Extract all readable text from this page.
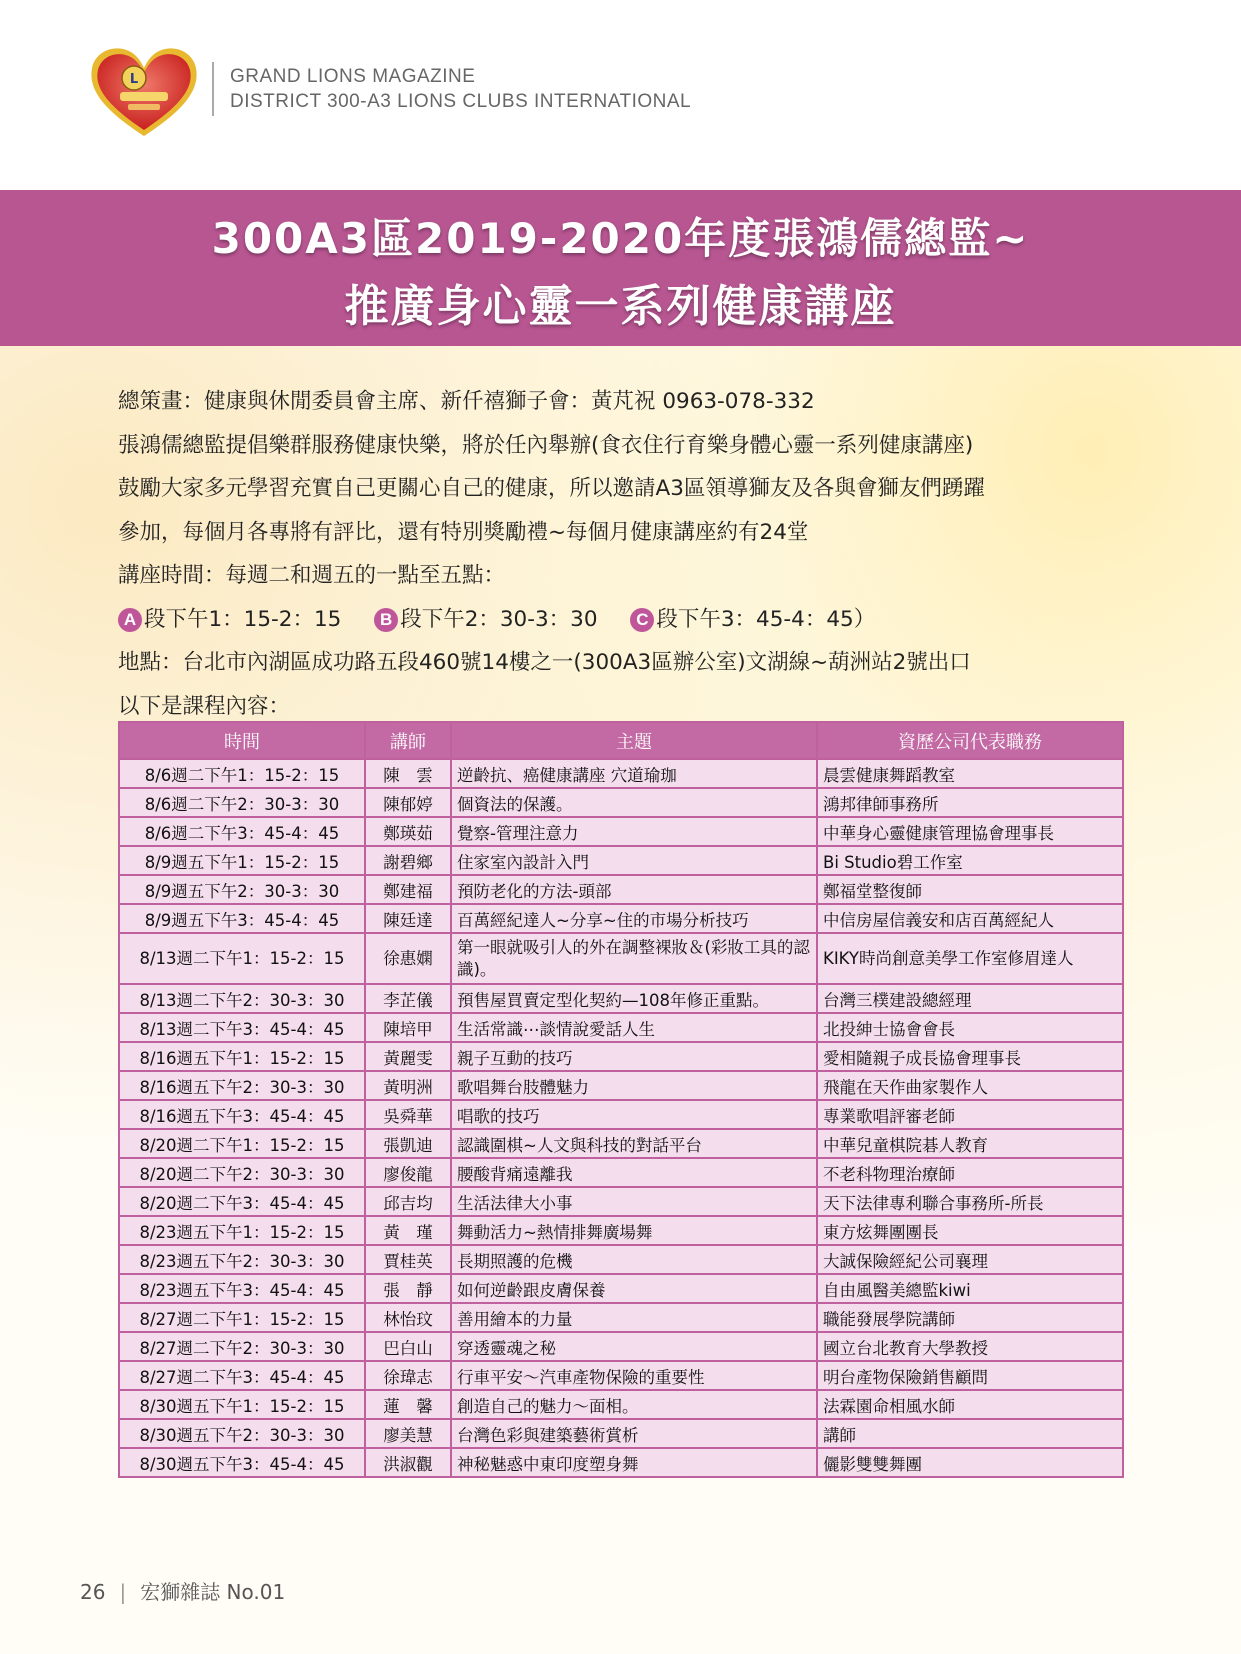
L	GRAND LIONS MAGAZINE
DISTRICT 300-A3 LIONS CLUBS INTERNATIONAL
300A3區2019-2020年度張鴻儒總監~
推廣身心靈一系列健康講座

總策畫：健康與休閒委員會主席、新仟禧獅子會：黃芃祝 0963-078-332

張鴻儒總監提倡樂群服務健康快樂，將於任內舉辦(食衣住行育樂身體心靈一系列健康講座)

鼓勵大家多元學習充實自己更關心自己的健康，所以邀請A3區領導獅友及各與會獅友們踴躍

參加，每個月各專將有評比，還有特別獎勵禮~每個月健康講座約有24堂

講座時間：每週二和週五的一點至五點：

A 段下午1：15-2：15 B 段下午2：30-3：30 C 段下午3：45-4：45）

地點：台北市內湖區成功路五段460號14樓之一(300A3區辦公室)文湖線~葫洲站2號出口

以下是課程內容：

時間	講師	主題	資歷公司代表職務
8/6週二下午1：15-2：15	陳　雲	逆齡抗、癌健康講座 穴道瑜珈	晨雲健康舞蹈教室
8/6週二下午2：30-3：30	陳郁婷	個資法的保護。	鴻邦律師事務所
8/6週二下午3：45-4：45	鄭瑛茹	覺察-管理注意力	中華身心靈健康管理協會理事長
8/9週五下午1：15-2：15	謝碧鄉	住家室內設計入門	Bi Studio碧工作室
8/9週五下午2：30-3：30	鄭建福	預防老化的方法-頭部	鄭福堂整復師
8/9週五下午3：45-4：45	陳廷達	百萬經紀達人~分享~住的市場分析技巧	中信房屋信義安和店百萬經紀人
8/13週二下午1：15-2：15	徐惠嫻	第一眼就吸引人的外在調整裸妝＆(彩妝工具的認識)。	KIKY時尚創意美學工作室修眉達人
8/13週二下午2：30-3：30	李芷儀	預售屋買賣定型化契約—108年修正重點。	台灣三樸建設總經理
8/13週二下午3：45-4：45	陳培甲	生活常識⋯談情說愛話人生	北投紳士協會會長
8/16週五下午1：15-2：15	黃麗雯	親子互動的技巧	愛相隨親子成長協會理事長
8/16週五下午2：30-3：30	黃明洲	歌唱舞台肢體魅力	飛龍在天作曲家製作人
8/16週五下午3：45-4：45	吳舜華	唱歌的技巧	專業歌唱評審老師
8/20週二下午1：15-2：15	張凱迪	認識圍棋~人文與科技的對話平台	中華兒童棋院碁人教育
8/20週二下午2：30-3：30	廖俊龍	腰酸背痛遠離我	不老科物理治療師
8/20週二下午3：45-4：45	邱吉均	生活法律大小事	天下法律專利聯合事務所-所長
8/23週五下午1：15-2：15	黃　瑾	舞動活力~熱情排舞廣場舞	東方炫舞團團長
8/23週五下午2：30-3：30	賈桂英	長期照護的危機	大誠保險經紀公司襄理
8/23週五下午3：45-4：45	張　靜	如何逆齡跟皮膚保養	自由風醫美總監kiwi
8/27週二下午1：15-2：15	林怡玟	善用繪本的力量	職能發展學院講師
8/27週二下午2：30-3：30	巴白山	穿透靈魂之秘	國立台北教育大學教授
8/27週二下午3：45-4：45	徐瑋志	行車平安～汽車產物保險的重要性	明台產物保險銷售顧問
8/30週五下午1：15-2：15	蓮　馨	創造自己的魅力～面相。	法霖園命相風水師
8/30週五下午2：30-3：30	廖美慧	台灣色彩與建築藝術賞析	講師
8/30週五下午3：45-4：45	洪淑觀	神秘魅惑中東印度塑身舞	儷影雙雙舞團
26 | 宏獅雜誌 No.01
